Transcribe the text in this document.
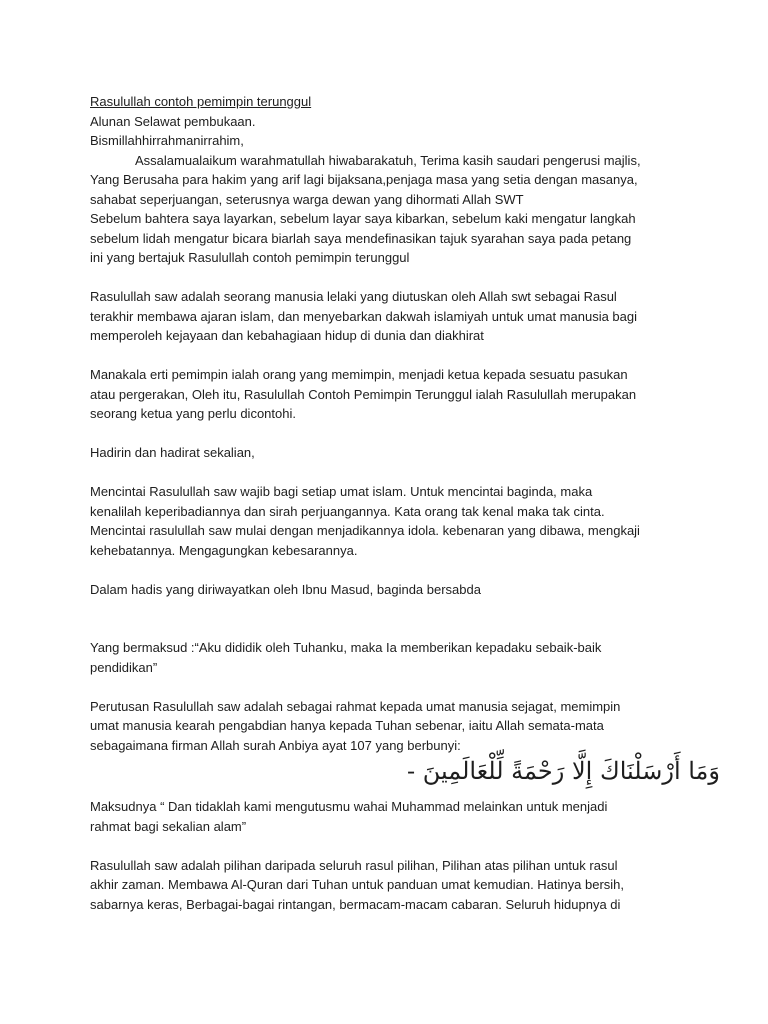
Rasulullah contoh pemimpin terunggul
Alunan Selawat pembukaan.
Bismillahhirrahmanirrahim,
Assalamualaikum warahmatullah hiwabarakatuh, Terima kasih saudari pengerusi majlis,
Yang Berusaha para hakim yang arif lagi bijaksana,penjaga masa yang setia dengan masanya,
sahabat seperjuangan, seterusnya warga dewan yang dihormati Allah SWT
Sebelum bahtera saya layarkan, sebelum layar saya kibarkan, sebelum kaki mengatur langkah
sebelum lidah mengatur bicara biarlah saya mendefinasikan tajuk syarahan saya pada petang
ini yang bertajuk Rasulullah contoh pemimpin terunggul
Rasulullah saw adalah seorang manusia lelaki yang diutuskan oleh Allah swt sebagai Rasul
terakhir membawa ajaran islam, dan menyebarkan dakwah islamiyah untuk umat manusia bagi
memperoleh kejayaan dan kebahagiaan hidup di dunia dan diakhirat
Manakala erti pemimpin ialah orang yang memimpin, menjadi ketua kepada sesuatu pasukan
atau pergerakan, Oleh itu, Rasulullah Contoh Pemimpin Terunggul ialah Rasulullah merupakan
seorang ketua yang perlu dicontohi.
Hadirin dan hadirat sekalian,
Mencintai Rasulullah saw wajib bagi setiap umat islam. Untuk mencintai baginda, maka
kenalilah keperibadiannya dan sirah perjuangannya. Kata orang tak kenal maka tak cinta.
Mencintai rasulullah saw mulai dengan menjadikannya idola. kebenaran yang dibawa, mengkaji
kehebatannya. Mengagungkan kebesarannya.
Dalam hadis yang diriwayatkan oleh Ibnu Masud, baginda bersabda
Yang bermaksud :“Aku dididik oleh Tuhanku, maka Ia memberikan kepadaku sebaik-baik
pendidikan”
Perutusan Rasulullah saw adalah sebagai rahmat kepada umat manusia sejagat, memimpin
umat manusia kearah pengabdian hanya kepada Tuhan sebenar, iaitu Allah semata-mata
sebagaimana firman Allah surah Anbiya ayat 107 yang berbunyi:
وَمَا أَرْسَلْنَاكَ إِلَّا رَحْمَةً لِّلْعَالَمِينَ -
Maksudnya “ Dan tidaklah kami mengutusmu wahai Muhammad melainkan untuk menjadi
rahmat bagi sekalian alam”
Rasulullah saw adalah pilihan daripada seluruh rasul pilihan, Pilihan atas pilihan untuk rasul
akhir zaman. Membawa Al-Quran dari Tuhan untuk panduan umat kemudian. Hatinya bersih,
sabarnya keras, Berbagai-bagai rintangan, bermacam-macam cabaran. Seluruh hidupnya di
